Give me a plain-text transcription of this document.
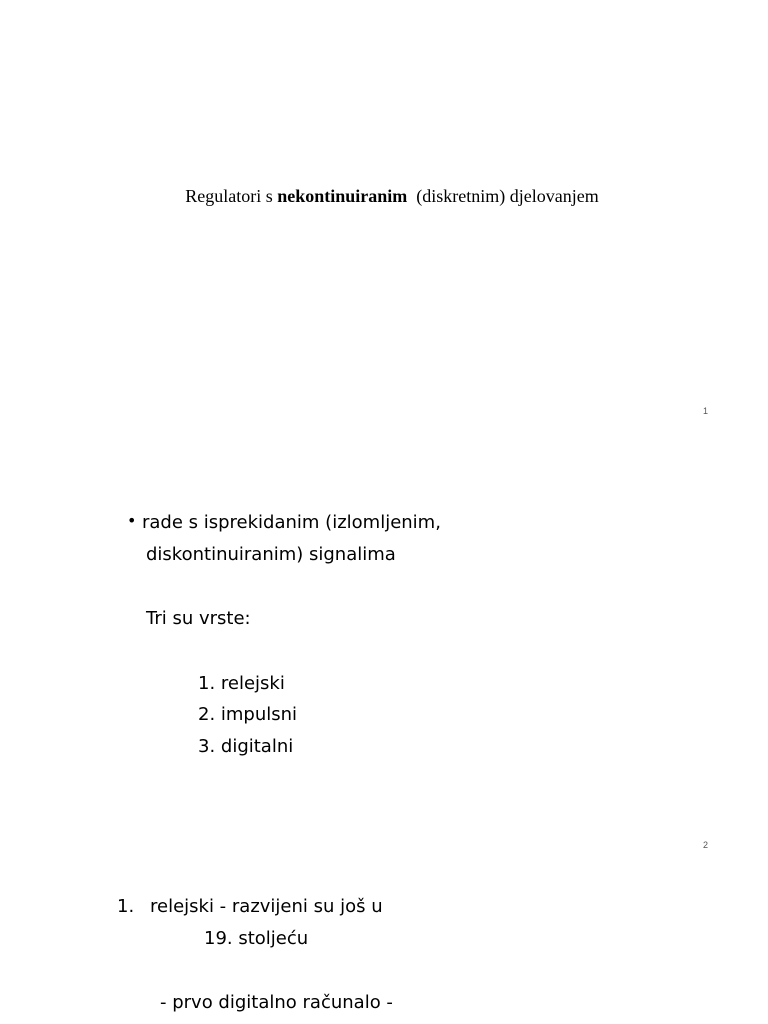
Regulatori s nekontinuiranim  (diskretnim) djelovanjem
1
• rade s isprekidanim (izlomljenim,
diskontinuiranim) signalima
Tri su vrste:
1. relejski
2. impulsni
3. digitalni
2
1. relejski - razvijeni su još u
19. stoljeću
- prvo digitalno računalo -
